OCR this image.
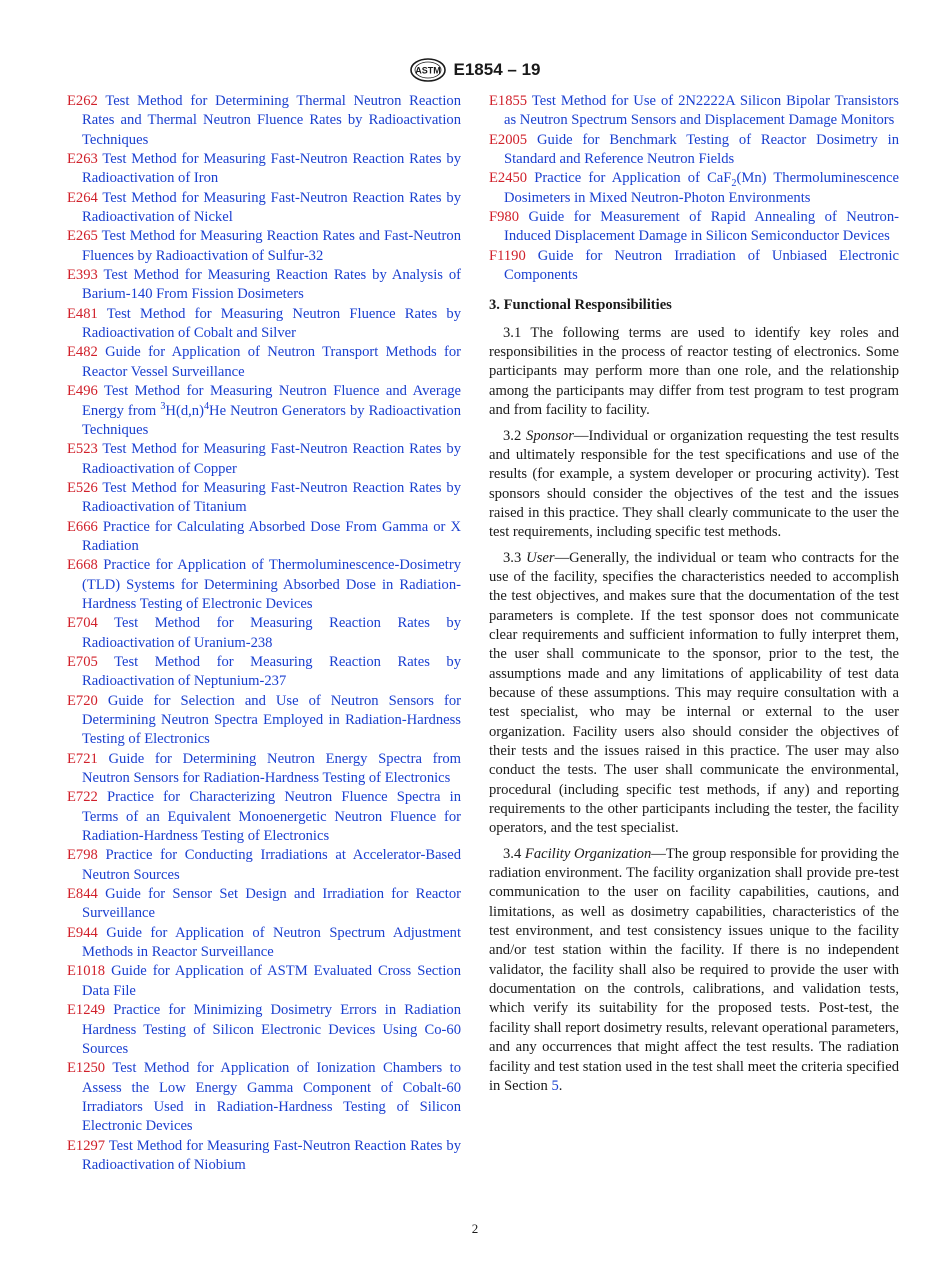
ASTM E1854 – 19

E262 Test Method for Determining Thermal Neutron Reaction Rates and Thermal Neutron Fluence Rates by Radioactivation Techniques

E263 Test Method for Measuring Fast-Neutron Reaction Rates by Radioactivation of Iron

E264 Test Method for Measuring Fast-Neutron Reaction Rates by Radioactivation of Nickel

E265 Test Method for Measuring Reaction Rates and Fast-Neutron Fluences by Radioactivation of Sulfur-32

E393 Test Method for Measuring Reaction Rates by Analysis of Barium-140 From Fission Dosimeters

E481 Test Method for Measuring Neutron Fluence Rates by Radioactivation of Cobalt and Silver

E482 Guide for Application of Neutron Transport Methods for Reactor Vessel Surveillance

E496 Test Method for Measuring Neutron Fluence and Average Energy from $^3H(d,n)^4He$ Neutron Generators by Radioactivation Techniques

E523 Test Method for Measuring Fast-Neutron Reaction Rates by Radioactivation of Copper

E526 Test Method for Measuring Fast-Neutron Reaction Rates by Radioactivation of Titanium

E666 Practice for Calculating Absorbed Dose From Gamma or X Radiation

E668 Practice for Application of Thermoluminescence-Dosimetry (TLD) Systems for Determining Absorbed Dose in Radiation-Hardness Testing of Electronic Devices

E704 Test Method for Measuring Reaction Rates by Radioactivation of Uranium-238

E705 Test Method for Measuring Reaction Rates by Radioactivation of Neptunium-237

E720 Guide for Selection and Use of Neutron Sensors for Determining Neutron Spectra Employed in Radiation-Hardness Testing of Electronics

E721 Guide for Determining Neutron Energy Spectra from Neutron Sensors for Radiation-Hardness Testing of Electronics

E722 Practice for Characterizing Neutron Fluence Spectra in Terms of an Equivalent Monoenergetic Neutron Fluence for Radiation-Hardness Testing of Electronics

E798 Practice for Conducting Irradiations at Accelerator-Based Neutron Sources

E844 Guide for Sensor Set Design and Irradiation for Reactor Surveillance

E944 Guide for Application of Neutron Spectrum Adjustment Methods in Reactor Surveillance

E1018 Guide for Application of ASTM Evaluated Cross Section Data File

E1249 Practice for Minimizing Dosimetry Errors in Radiation Hardness Testing of Silicon Electronic Devices Using Co-60 Sources

E1250 Test Method for Application of Ionization Chambers to Assess the Low Energy Gamma Component of Cobalt-60 Irradiators Used in Radiation-Hardness Testing of Silicon Electronic Devices

E1297 Test Method for Measuring Fast-Neutron Reaction Rates by Radioactivation of Niobium

E1855 Test Method for Use of 2N2222A Silicon Bipolar Transistors as Neutron Spectrum Sensors and Displacement Damage Monitors

E2005 Guide for Benchmark Testing of Reactor Dosimetry in Standard and Reference Neutron Fields

E2450 Practice for Application of CaF$_2$(Mn) Thermoluminescence Dosimeters in Mixed Neutron-Photon Environments

F980 Guide for Measurement of Rapid Annealing of Neutron-Induced Displacement Damage in Silicon Semiconductor Devices

F1190 Guide for Neutron Irradiation of Unbiased Electronic Components

3. Functional Responsibilities

3.1 The following terms are used to identify key roles and responsibilities in the process of reactor testing of electronics. Some participants may perform more than one role, and the relationship among the participants may differ from test program to test program and from facility to facility.

3.2 Sponsor—Individual or organization requesting the test results and ultimately responsible for the test specifications and use of the results (for example, a system developer or procuring activity). Test sponsors should consider the objectives of the test and the issues raised in this practice. They shall clearly communicate to the user the test requirements, including specific test methods.

3.3 User—Generally, the individual or team who contracts for the use of the facility, specifies the characteristics needed to accomplish the test objectives, and makes sure that the documentation of the test parameters is complete. If the test sponsor does not communicate clear requirements and sufficient information to fully interpret them, the user shall communicate to the sponsor, prior to the test, the assumptions made and any limitations of applicability of test data because of these assumptions. This may require consultation with a test specialist, who may be internal or external to the user organization. Facility users also should consider the objectives of their tests and the issues raised in this practice. The user may also conduct the tests. The user shall communicate the environmental, procedural (including specific test methods, if any) and reporting requirements to the other participants including the tester, the facility operators, and the test specialist.

3.4 Facility Organization—The group responsible for providing the radiation environment. The facility organization shall provide pre-test communication to the user on facility capabilities, cautions, and limitations, as well as dosimetry capabilities, characteristics of the test environment, and test consistency issues unique to the facility and/or test station within the facility. If there is no independent validator, the facility shall also be required to provide the user with documentation on the controls, calibrations, and validation tests, which verify its suitability for the proposed tests. Post-test, the facility shall report dosimetry results, relevant operational parameters, and any occurrences that might affect the test results. The radiation facility and test station used in the test shall meet the criteria specified in Section 5.

2
